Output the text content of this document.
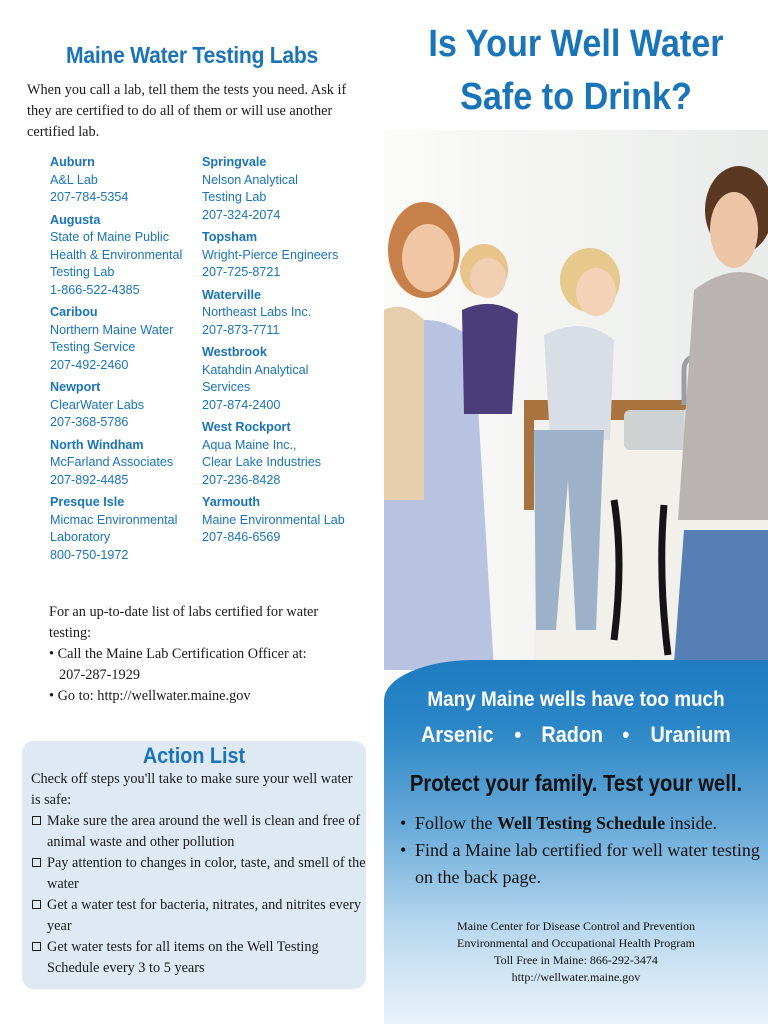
Maine Water Testing Labs
When you call a lab, tell them the tests you need. Ask if they are certified to do all of them or will use another certified lab.
Auburn
A&L Lab
207-784-5354
Augusta
State of Maine Public
Health & Environmental
Testing Lab
1-866-522-4385
Caribou
Northern Maine Water
Testing Service
207-492-2460
Newport
ClearWater Labs
207-368-5786
North Windham
McFarland Associates
207-892-4485
Presque Isle
Micmac Environmental
Laboratory
800-750-1972
Springvale
Nelson Analytical
Testing Lab
207-324-2074
Topsham
Wright-Pierce Engineers
207-725-8721
Waterville
Northeast Labs Inc.
207-873-7711
Westbrook
Katahdin Analytical
Services
207-874-2400
West Rockport
Aqua Maine Inc.,
Clear Lake Industries
207-236-8428
Yarmouth
Maine Environmental Lab
207-846-6569
For an up-to-date list of labs certified for water testing:
• Call the Maine Lab Certification Officer at:
207-287-1929
• Go to: http://wellwater.maine.gov
Action List
Check off steps you'll take to make sure your well water is safe:
Make sure the area around the well is clean and free of animal waste and other pollution
Pay attention to changes in color, taste, and smell of the water
Get a water test for bacteria, nitrates, and nitrites every year
Get water tests for all items on the Well Testing Schedule every 3 to 5 years
Is Your Well Water
Safe to Drink?
Many Maine wells have too much
Arsenic • Radon • Uranium
Protect your family. Test your well.
• Follow the Well Testing Schedule inside.
• Find a Maine lab certified for well water testing on the back page.
Maine Center for Disease Control and Prevention
Environmental and Occupational Health Program
Toll Free in Maine: 866-292-3474
http://wellwater.maine.gov
